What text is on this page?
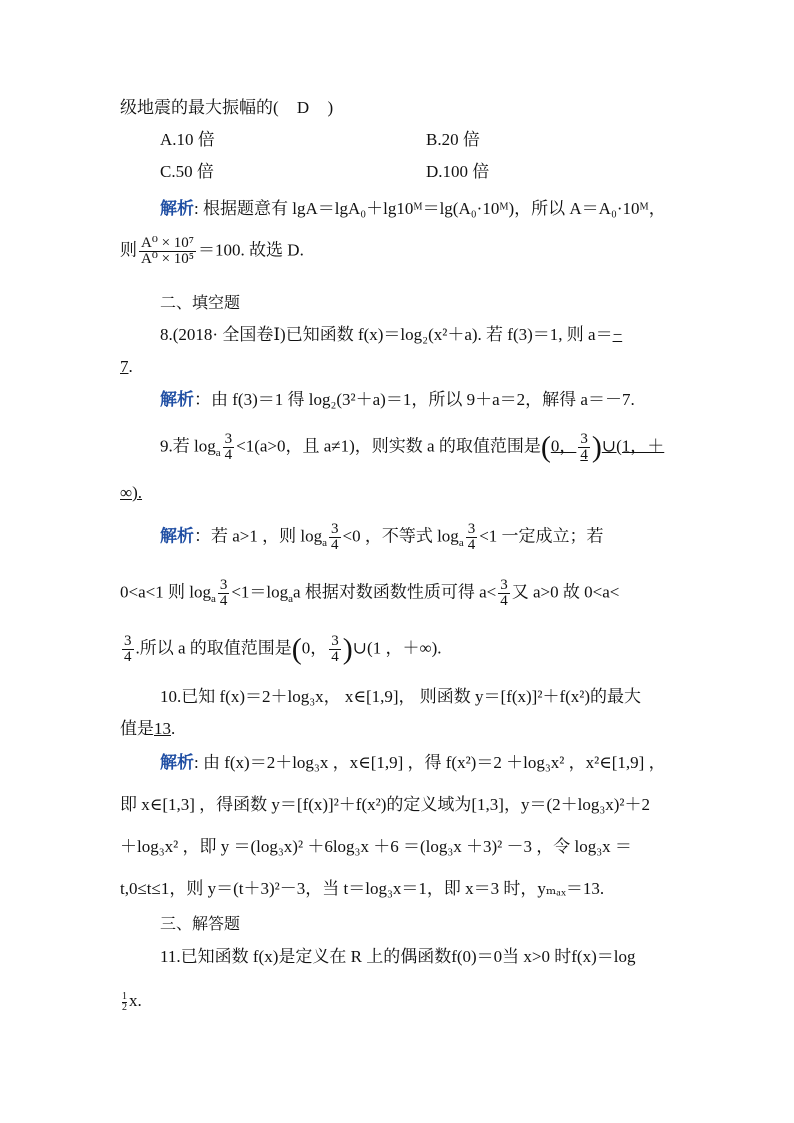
级地震的最大振幅的( D )
A.10 倍	B.20 倍
C.50 倍	D.100 倍
解析: 根据题意有 lgA＝lgA₀＋lg10ᴹ＝lg(A₀·10ᴹ)，所以 A＝A₀·10ᴹ，
则 $\frac{\text{A⁰ × 10⁷}}{\text{A⁰ × 10⁵}} =100$. 故选 D.
二、填空题
8.(2018· 全国卷Ⅰ)已知函数 f(x)＝log₂(x²＋a). 若 f(3)＝1, 则 a＝−
7.
解析：由 f(3)＝1 得 log₂(3²＋a)＝1，所以 9＋a＝2，解得 a＝－7.
9.若 $\log_a \frac{3}{4} <1(a>0$，且 a≠1)，则实数 a 的取值范围是(0， $\frac{3}{4}$ )∪(1，＋
∞).
解析：若 a>1 ，则 $\log_a \frac{3}{4} <0$ ，不等式 $\log_a \frac{3}{4} <1$ 一定成立；若
0<a<1 则 $\log_a \frac{3}{4} <1=\log_aa$ 根据对数函数性质可得 $a< \frac{3}{4}$ 又 a>0 故 0<a<
$\frac{3}{4}$ .所以 a 的取值范围是(0， $\frac{3}{4}$ )∪(1 ，＋∞).
10.已知 f(x)＝2＋log₃x， x∈[1,9]， 则函数 y＝[f(x)]²＋f(x²)的最大
值是13.
解析: 由 f(x)＝2＋log₃x ，x∈[1,9] ，得 f(x²)＝2 ＋log₃x² ，x²∈[1,9] ，
即 x∈[1,3] ，得函数 y＝[f(x)]²＋f(x²)的定义域为[1,3]，y＝(2＋log₃x)²＋2
＋log₃x² ，即 y ＝(log₃x)² ＋6log₃x ＋6 ＝(log₃x ＋3)² －3 ，令 log₃x ＝
t,0≤t≤1，则 y＝(t＋3)²－3，当 t＝log₃x＝1，即 x＝3 时，yₘₐₓ＝13.
三、解答题
11.已知函数 f(x)是定义在 R 上的偶函数f(0)＝0当 x>0 时f(x)＝log
$\frac{1}{2} x$.
